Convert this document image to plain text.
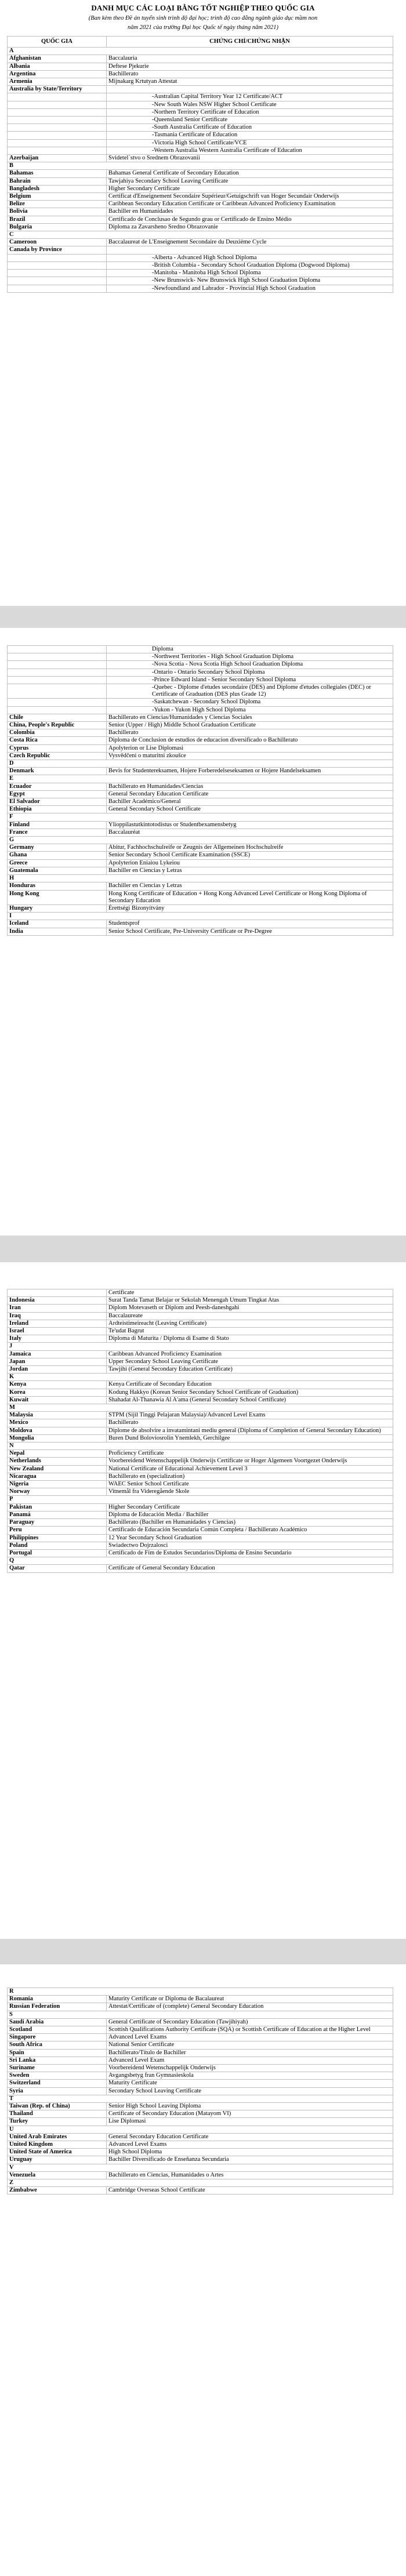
DANH MỤC CÁC LOẠI BẰNG TỐT NGHIỆP THEO QUỐC GIA
(Ban kèm theo Đề án tuyển sinh trình độ đại học; trình độ cao đẳng ngành giáo dục mầm non
năm 2021 của trường Đại học Quốc tế ngày tháng năm 2021)
QUỐC GIA	CHỨNG CHỈ/CHỨNG NHẬN
A	
Afghanistan	Baccalauria
Albania	Deftese Pjekurie
Argentina	Bachillerato
Armenia	Mijnakarg Krtutyan Attestat
Australia by State/Territory	
	-Australian Capital Territory Year 12 Certificate/ACT
	-New South Wales NSW Higher School Certificate
	-Northern Territory Certificate of Education
	-Queensland Senior Certificate
	-South Australia Certificate of Education
	-Tasmania Certificate of Education
	-Victoria High School Certificate/VCE
	-Western Australia Western Australia Certificate of Education
Azerbaijan	Svidetel`stvo o Srednem Obrazovanii
B	
Bahamas	Bahamas General Certificate of Secondary Education
Bahrain	Tawjahiya Secondary School Leaving Certificate
Bangladesh	Higher Secondary Certificate
Belgium	Certificat d'Enseignement Secondaire Supérieur/Getuigschrift van Hoger Secundair Onderwijs
Belize	Caribbean Secondary Education Certificate or Caribbean Advanced Proficiency Examination
Bolivia	Bachiller en Humanidades
Brazil	Certificado de Conclusao de Segundo grau or Certificado de Ensino Médio
Bulgaria	Diploma za Zavarsheno Sredno Obrazovanie
C	
Cameroon	Baccalaureat de L'Enseignement Secondaire du Deuxième Cycle
Canada by Province	
	-Alberta - Advanced High School Diploma
	-British Columbia - Secondary School Graduation Diploma (Dogwood Diploma)
	-Manitoba - Manitoba High School Diploma
	-New Brunswick- New Brunswick High School Graduation Diploma
	-Newfoundland and Labrador - Provincial High School Graduation
	Diploma
	-Northwest Territories - High School Graduation Diploma
	-Nova Scotia - Nova Scotia High School Graduation Diploma
	-Ontario - Ontario Secondary School Diploma
	-Prince Edward Island - Senior Secondary School Diploma
	-Quebec - Diplome d'etudes secondaire (DES) and Diplome d'etudes collegiales (DEC) or Certificate of Graduation (DES plus Grade 12)
	-Saskatchewan - Secondary School Diploma
	-Yukon - Yukon High School Diploma
Chile	Bachillerato en Ciencias/Humanidades y Ciencias Sociales
China, People's Republic	Senior (Upper / High) Middle School Graduation Certificate
Colombia	Bachillerato
Costa Rica	Diploma de Conclusion de estudios de educacion diversificado o Bachillerato
Cyprus	Apolyterion or Lise Diplomasi
Czech Republic	Vysvědčeni o maturitni zkoušce
D	
Denmark	Bevis for Studentereksamen, Hojere Forberedelseseksamen or Hojere Handelseksamen
E	
Ecuador	Bachillerato en Humanidades/Ciencias
Egypt	General Secondary Education Certificate
El Salvador	Bachiller Académico/General
Ethiopia	General Secondary School Certificate
F	
Finland	Ylioppilastutkintotodistus or Studentbexamensbetyg
France	Baccalauréat
G	
Germany	Abitur, Fachhochschulreife or Zeugnis der Allgemeinen Hochschulreife
Ghana	Senior Secondary School Certificate Examination (SSCE)
Greece	Apolyterion Eniaiou Lykeiou
Guatemala	Bachiller en Ciencias y Letras
H	
Honduras	Bachiller en Ciencias y Letras
Hong Kong	Hong Kong Certificate of Education + Hong Kong Advanced Level Certificate or Hong Kong Diploma of Secondary Education
Hungary	Érettségi Bizonyítvány
I	
Iceland	Studentsprof
India	Senior School Certificate, Pre-University Certificate or Pre-Degree
	Certificate
Indonesia	Surat Tanda Tamat Belajar or Sekolah Menengah Umum Tingkat Atas
Iran	Diplom Motevaseth or Diplom and Peesh-daneshgahi
Iraq	Baccalaureate
Ireland	Ardteistimeireacht (Leaving Certificate)
Israel	Te'udat Bagrut
Italy	Diploma di Maturita / Diploma di Esame di Stato
J	
Jamaica	Caribbean Advanced Proficiency Examination
Japan	Upper Secondary School Leaving Certificate
Jordan	Tawjihi (General Secondary Education Certificate)
K	
Kenya	Kenya Certificate of Secondary Education
Korea	Kodung Hakkyo (Korean Senior Secondary School Certificate of Graduation)
Kuwait	Shahadat Al-Thanawia Al A'ama (General Secondary School Certificate)
M	
Malaysia	STPM (Sijil Tinggi Pelajaran Malaysia)/Advanced Level Exams
Mexico	Bachillerato
Moldova	Diplome de absolvire a invatamintani mediu general (Diploma of Completion of General Secondary Education)
Mongolia	Buren Dund Boloviosrolin Ynemlekh, Gerchilgee
N	
Nepal	Proficiency Certificate
Netherlands	Voorbereidend Wetenschappelijk Onderwijs Certificate or Hoger Algemeen Voortgezet Onderwijs
New Zealand	National Certificate of Educational Achievement Level 3
Nicaragua	Bachillerato en (specialization)
Nigeria	WAEC Senior School Certificate
Norway	Vitnemål fra Videregående Skole
P	
Pakistan	Higher Secondary Certificate
Panamá	Diploma de Educación Media / Bachiller
Paraguay	Bachillerato (Bachiller en Humanidades y Ciencias)
Peru	Certificado de Educación Secundaria Común Completa / Bachillerato Académico
Philippines	12 Year Secondary School Graduation
Poland	Swiadectwo Dojrzalosci
Portugal	Certificado de Fim de Estudos Secundarios/Diploma de Ensino Secundario
Q	
Qatar	Certificate of General Secondary Education
R	
Romania	Maturity Certificate or Diploma de Bacalaureat
Russian Federation	Attestat/Certificate of (complete) General Secondary Education
S	
Saudi Arabia	General Certificate of Secondary Education (Tawjihiyah)
Scotland	Scottish Qualifications Authority Certificate (SQA) or Scottish Certificate of Education at the Higher Level
Singapore	Advanced Level Exams
South Africa	National Senior Certificate
Spain	Bachillerato/Título de Bachiller
Sri Lanka	Advanced Level Exam
Suriname	Voorbereidend Wetenschappelijk Onderwijs
Sweden	Avgangsbetyg fran Gymnasieskola
Switzerland	Maturity Certificate
Syria	Secondary School Leaving Certificate
T	
Taiwan (Rep. of China)	Senior High School Leaving Diploma
Thailand	Certificate of Secondary Education (Matayom VI)
Turkey	Lise Diplomasi
U	
United Arab Emirates	General Secondary Education Certificate
United Kingdom	Advanced Level Exams
United State of America	High School Diploma
Uruguay	Bachiller Diversificado de Enseñanza Secundaria
V	
Venezuela	Bachillerato en Ciencias, Humanidades o Artes
Z	
Zimbabwe	Cambridge Overseas School Certificate
